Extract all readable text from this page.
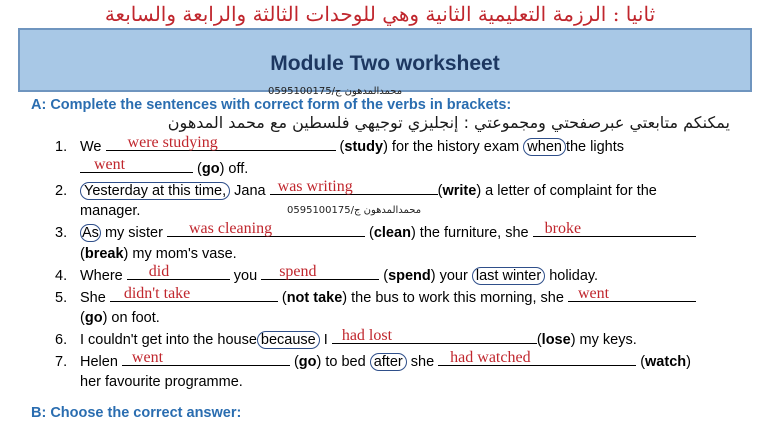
ثانيا : الرزمة التعليمية الثانية وهي للوحدات الثالثة والرابعة والسابعة
Module Two worksheet
محمدالمدهون ج/0595100175
A: Complete the sentences with correct form of the verbs in brackets:
يمكنكم متابعتي عبرصفحتي ومجموعتي : إنجليزي توجيهي فلسطين مع محمد المدهون
1. We	were studying	(study) for the history exam when the lights
went	(go) off.
2. Yesterday at this time, Jana was writing	(write) a letter of complaint for the
manager.	محمدالمدهون ج/0595100175
3. As my sister	was cleaning	(clean) the furniture, she	broke
(break) my mom's vase.
4. Where	did	you	spend	(spend) your last winter holiday.
5. She	didn't take	(not take) the bus to work this morning, she went
(go) on foot.
6. I couldn't get into the house because I had lost	(lose) my keys.
7. Helen went	(go) to bed after she	had watched	(watch)
her favourite programme.
B: Choose the correct answer:
